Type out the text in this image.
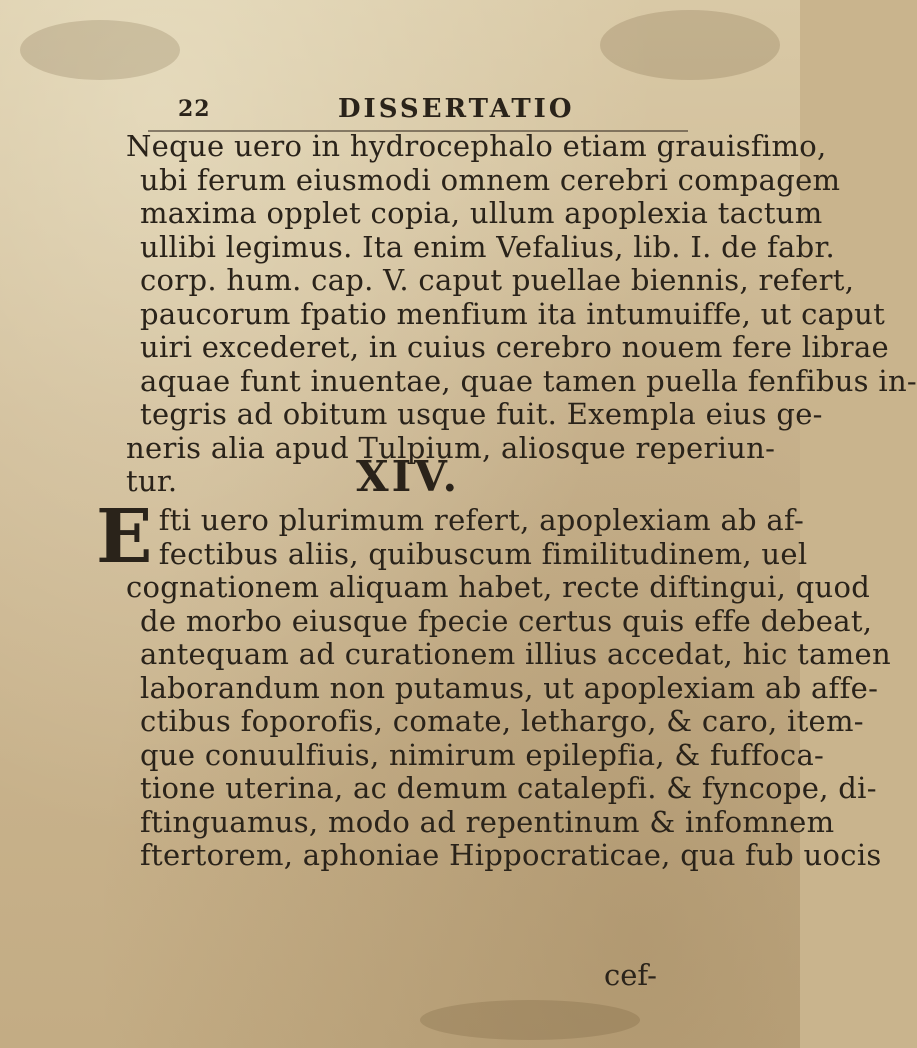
22	DISSERTATIO
Neque uero in hydrocephalo etiam grauisfimo,
ubi ferum eiusmodi omnem cerebri compagem
maxima opplet copia, ullum apoplexia tactum
ullibi legimus. Ita enim Vefalius, lib. I. de fabr.
corp. hum. cap. V. caput puellae biennis, refert,
paucorum fpatio menfium ita intumuiffe, ut caput
uiri excederet, in cuius cerebro nouem fere librae
aquae funt inuentae, quae tamen puella fenfibus in-
tegris ad obitum usque fuit. Exempla eius ge-
neris alia apud Tulpium, aliosque reperiun-
tur.	XIV.
E fti uero plurimum refert, apoplexiam ab af-
fectibus aliis, quibuscum fimilitudinem, uel
cognationem aliquam habet, recte diftingui, quod
de morbo eiusque fpecie certus quis effe debeat,
antequam ad curationem illius accedat, hic tamen
laborandum non putamus, ut apoplexiam ab affe-
ctibus foporofis, comate, lethargo, & caro, item-
que conuulfiuis, nimirum epilepfia, & fuffoca-
tione uterina, ac demum catalepfi. & fyncope, di-
ftinguamus, modo ad repentinum & infomnem
ftertorem, aphoniae Hippocraticae, qua fub uocis
cef-
